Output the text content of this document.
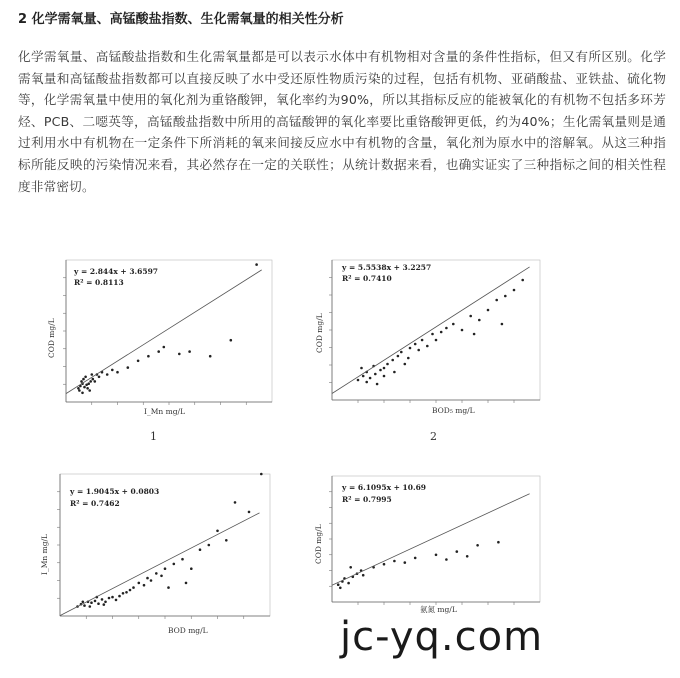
2 化学需氧量、高锰酸盐指数、生化需氧量的相关性分析
化学需氧量、高锰酸盐指数和生化需氧量都是可以表示水体中有机物相对含量的条件性指标，但又有所区别。化学需氧量和高锰酸盐指数都可以直接反映了水中受还原性物质污染的过程，包括有机物、亚硝酸盐、亚铁盐、硫化物等，化学需氧量中使用的氧化剂为重铬酸钾，氧化率约为90%，所以其指标反应的能被氧化的有机物不包括多环芳烃、PCB、二噁英等，高锰酸盐指数中所用的高锰酸钾的氧化率要比重铬酸钾更低，约为40%；生化需氧量则是通过利用水中有机物在一定条件下所消耗的氧来间接反应水中有机物的含量，氧化剂为原水中的溶解氧。从这三种指标所能反映的污染情况来看，其必然存在一定的关联性；从统计数据来看，也确实证实了三种指标之间的相关性程度非常密切。
y = 2.844x + 3.6597
R² = 0.8113
I_Mn mg/L
COD mg/L
1
y = 5.5538x + 3.2257
R² = 0.7410
BOD₅ mg/L
COD mg/L
2
y = 1.9045x + 0.0803
R² = 0.7462
BOD mg/L
I_Mn mg/L
y = 6.1095x + 10.69
R² = 0.7995
氨氮 mg/L
COD mg/L
jc-yq.com
